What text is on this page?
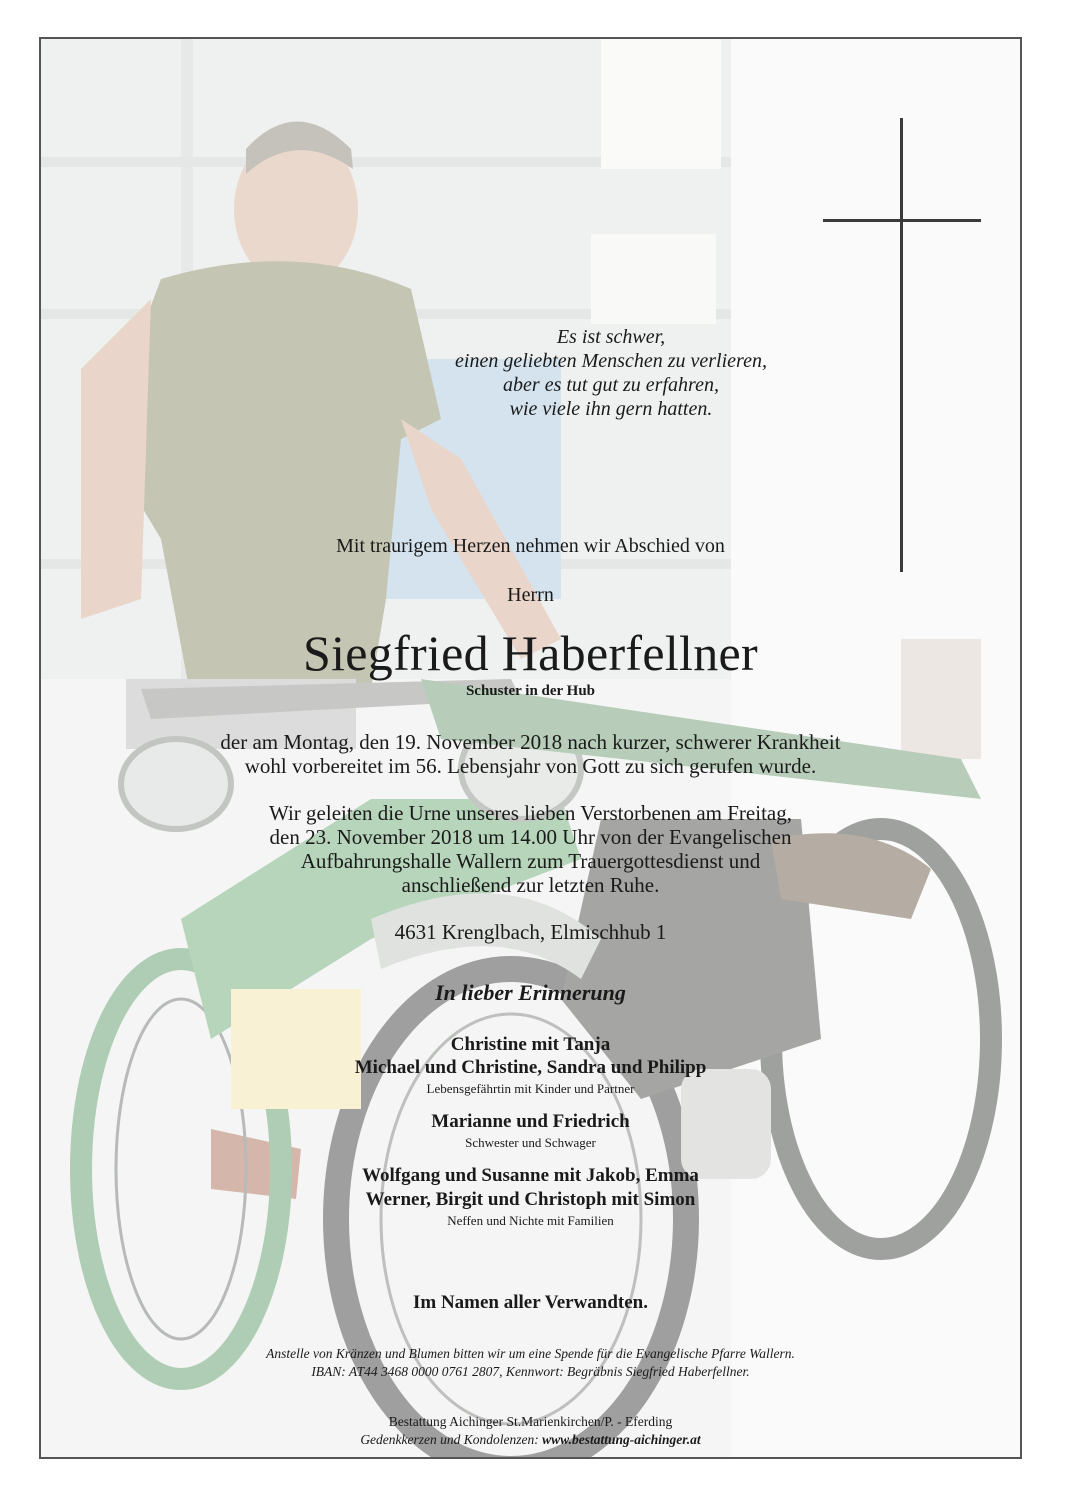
Es ist schwer,
einen geliebten Menschen zu verlieren,
aber es tut gut zu erfahren,
wie viele ihn gern hatten.
Mit traurigem Herzen nehmen wir Abschied von
Herrn
Siegfried Haberfellner
Schuster in der Hub
der am Montag, den 19. November 2018 nach kurzer, schwerer Krankheit
wohl vorbereitet im 56. Lebensjahr von Gott zu sich gerufen wurde.
Wir geleiten die Urne unseres lieben Verstorbenen am Freitag,
den 23. November 2018 um 14.00 Uhr von der Evangelischen
Aufbahrungshalle Wallern zum Trauergottesdienst und
anschließend zur letzten Ruhe.
4631 Krenglbach, Elmischhub 1
In lieber Erinnerung
Christine mit Tanja
Michael und Christine, Sandra und Philipp
Lebensgefährtin mit Kinder und Partner
Marianne und Friedrich
Schwester und Schwager
Wolfgang und Susanne mit Jakob, Emma
Werner, Birgit und Christoph mit Simon
Neffen und Nichte mit Familien
Im Namen aller Verwandten.
Anstelle von Kränzen und Blumen bitten wir um eine Spende für die Evangelische Pfarre Wallern.
IBAN: AT44 3468 0000 0761 2807, Kennwort: Begräbnis Siegfried Haberfellner.
Bestattung Aichinger St.Marienkirchen/P. - Eferding
Gedenkkerzen und Kondolenzen: www.bestattung-aichinger.at
